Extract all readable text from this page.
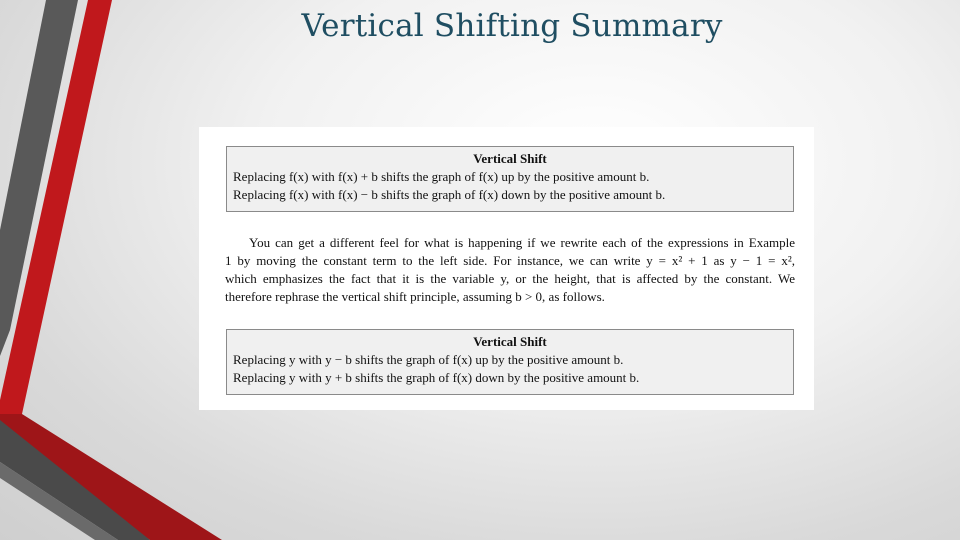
Vertical Shifting Summary
Vertical Shift
Replacing f(x) with f(x) + b shifts the graph of f(x) up by the positive amount b.
Replacing f(x) with f(x) − b shifts the graph of f(x) down by the positive amount b.
You can get a different feel for what is happening if we rewrite each of the expressions in Example
1 by moving the constant term to the left side. For instance, we can write y = x² + 1 as y − 1 = x²,
which emphasizes the fact that it is the variable y, or the height, that is affected by the constant. We
therefore rephrase the vertical shift principle, assuming b > 0, as follows.
Vertical Shift
Replacing y with y − b shifts the graph of f(x) up by the positive amount b.
Replacing y with y + b shifts the graph of f(x) down by the positive amount b.
